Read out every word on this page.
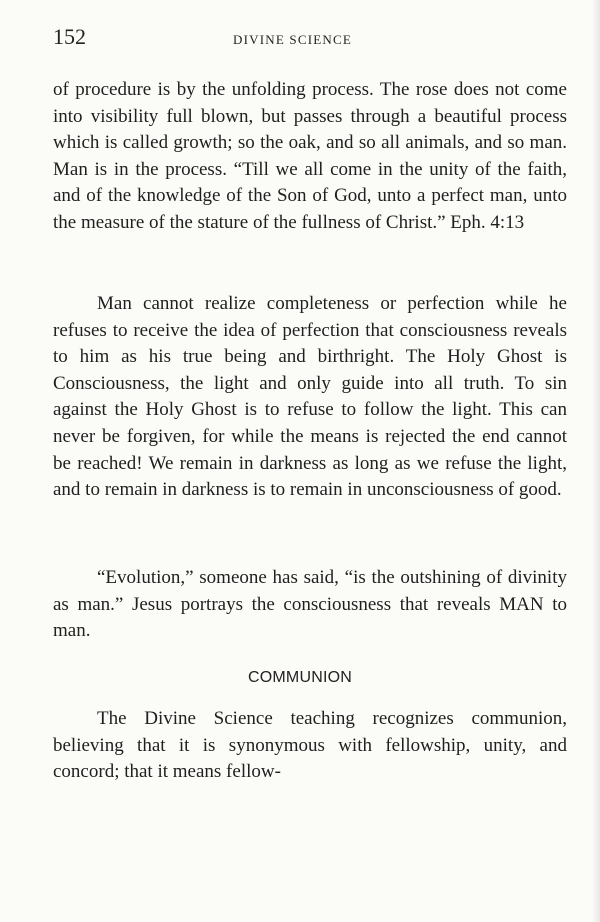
152	DIVINE SCIENCE

of procedure is by the unfolding process. The rose does not come into visibility full blown, but passes through a beautiful process which is called growth; so the oak, and so all animals, and so man. Man is in the process. “Till we all come in the unity of the faith, and of the knowledge of the Son of God, unto a perfect man, unto the measure of the stature of the fullness of Christ.” Eph. 4:13

Man cannot realize completeness or perfection while he refuses to receive the idea of perfection that consciousness reveals to him as his true being and birthright. The Holy Ghost is Consciousness, the light and only guide into all truth. To sin against the Holy Ghost is to refuse to follow the light. This can never be forgiven, for while the means is rejected the end cannot be reached! We remain in darkness as long as we refuse the light, and to remain in darkness is to remain in unconsciousness of good.

“Evolution,” someone has said, “is the outshining of divinity as man.” Jesus portrays the consciousness that reveals MAN to man.

COMMUNION

The Divine Science teaching recognizes communion, believing that it is synonymous with fellowship, unity, and concord; that it means fellow-
